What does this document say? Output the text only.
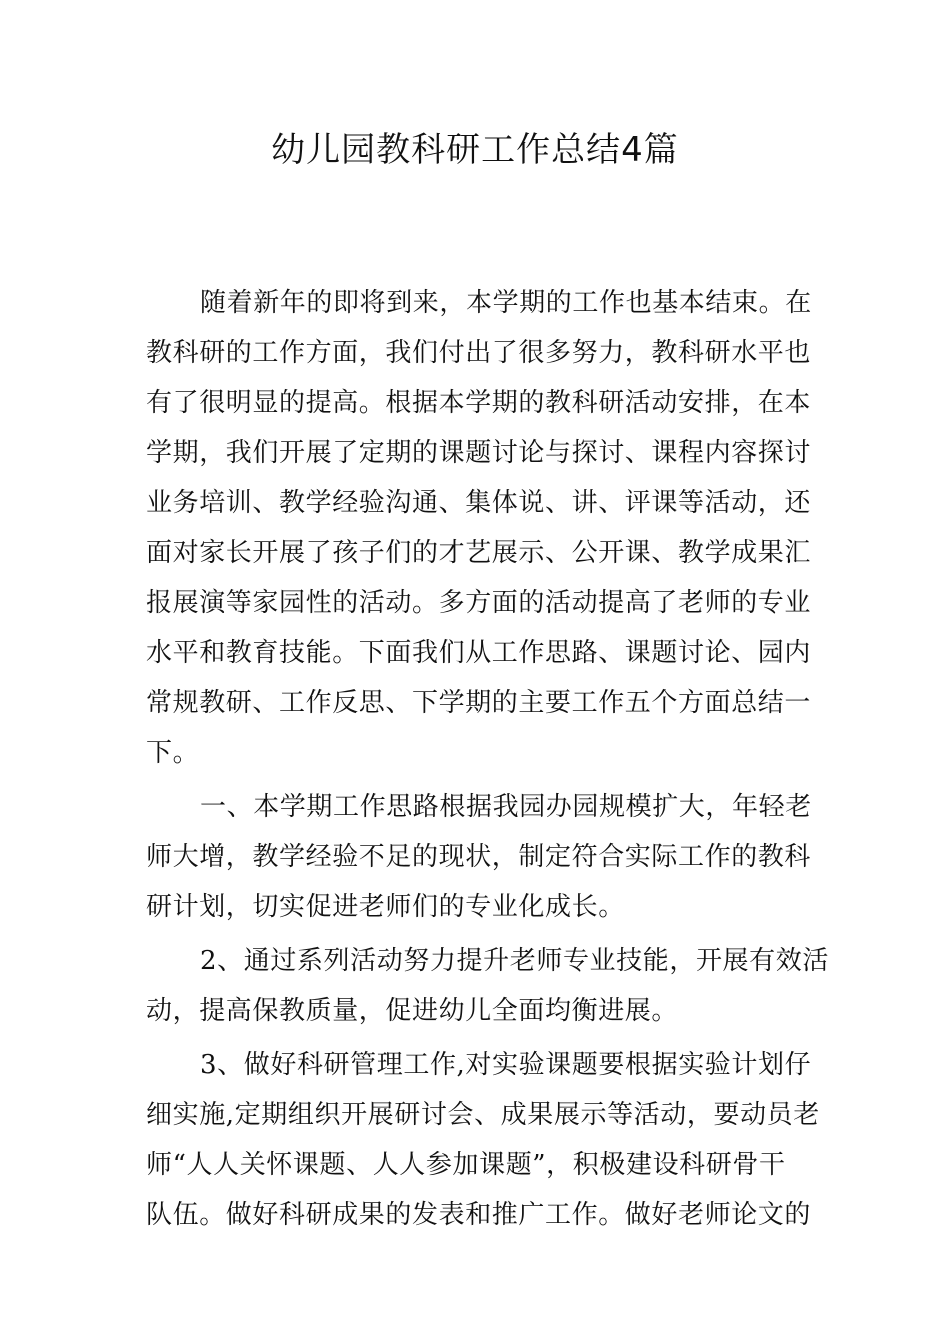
幼儿园教科研工作总结4篇
随着新年的即将到来，本学期的工作也基本结束。在
教科研的工作方面，我们付出了很多努力，教科研水平也
有了很明显的提高。根据本学期的教科研活动安排，在本
学期，我们开展了定期的课题讨论与探讨、课程内容探讨
业务培训、教学经验沟通、集体说、讲、评课等活动，还
面对家长开展了孩子们的才艺展示、公开课、教学成果汇
报展演等家园性的活动。多方面的活动提高了老师的专业
水平和教育技能。下面我们从工作思路、课题讨论、园内
常规教研、工作反思、下学期的主要工作五个方面总结一
下。
一、本学期工作思路根据我园办园规模扩大，年轻老
师大增，教学经验不足的现状，制定符合实际工作的教科
研计划，切实促进老师们的专业化成长。
2、通过系列活动努力提升老师专业技能，开展有效活
动，提高保教质量，促进幼儿全面均衡进展。
3、做好科研管理工作,对实验课题要根据实验计划仔
细实施,定期组织开展研讨会、成果展示等活动，要动员老
师“人人关怀课题、人人参加课题”，积极建设科研骨干
队伍。做好科研成果的发表和推广工作。做好老师论文的
